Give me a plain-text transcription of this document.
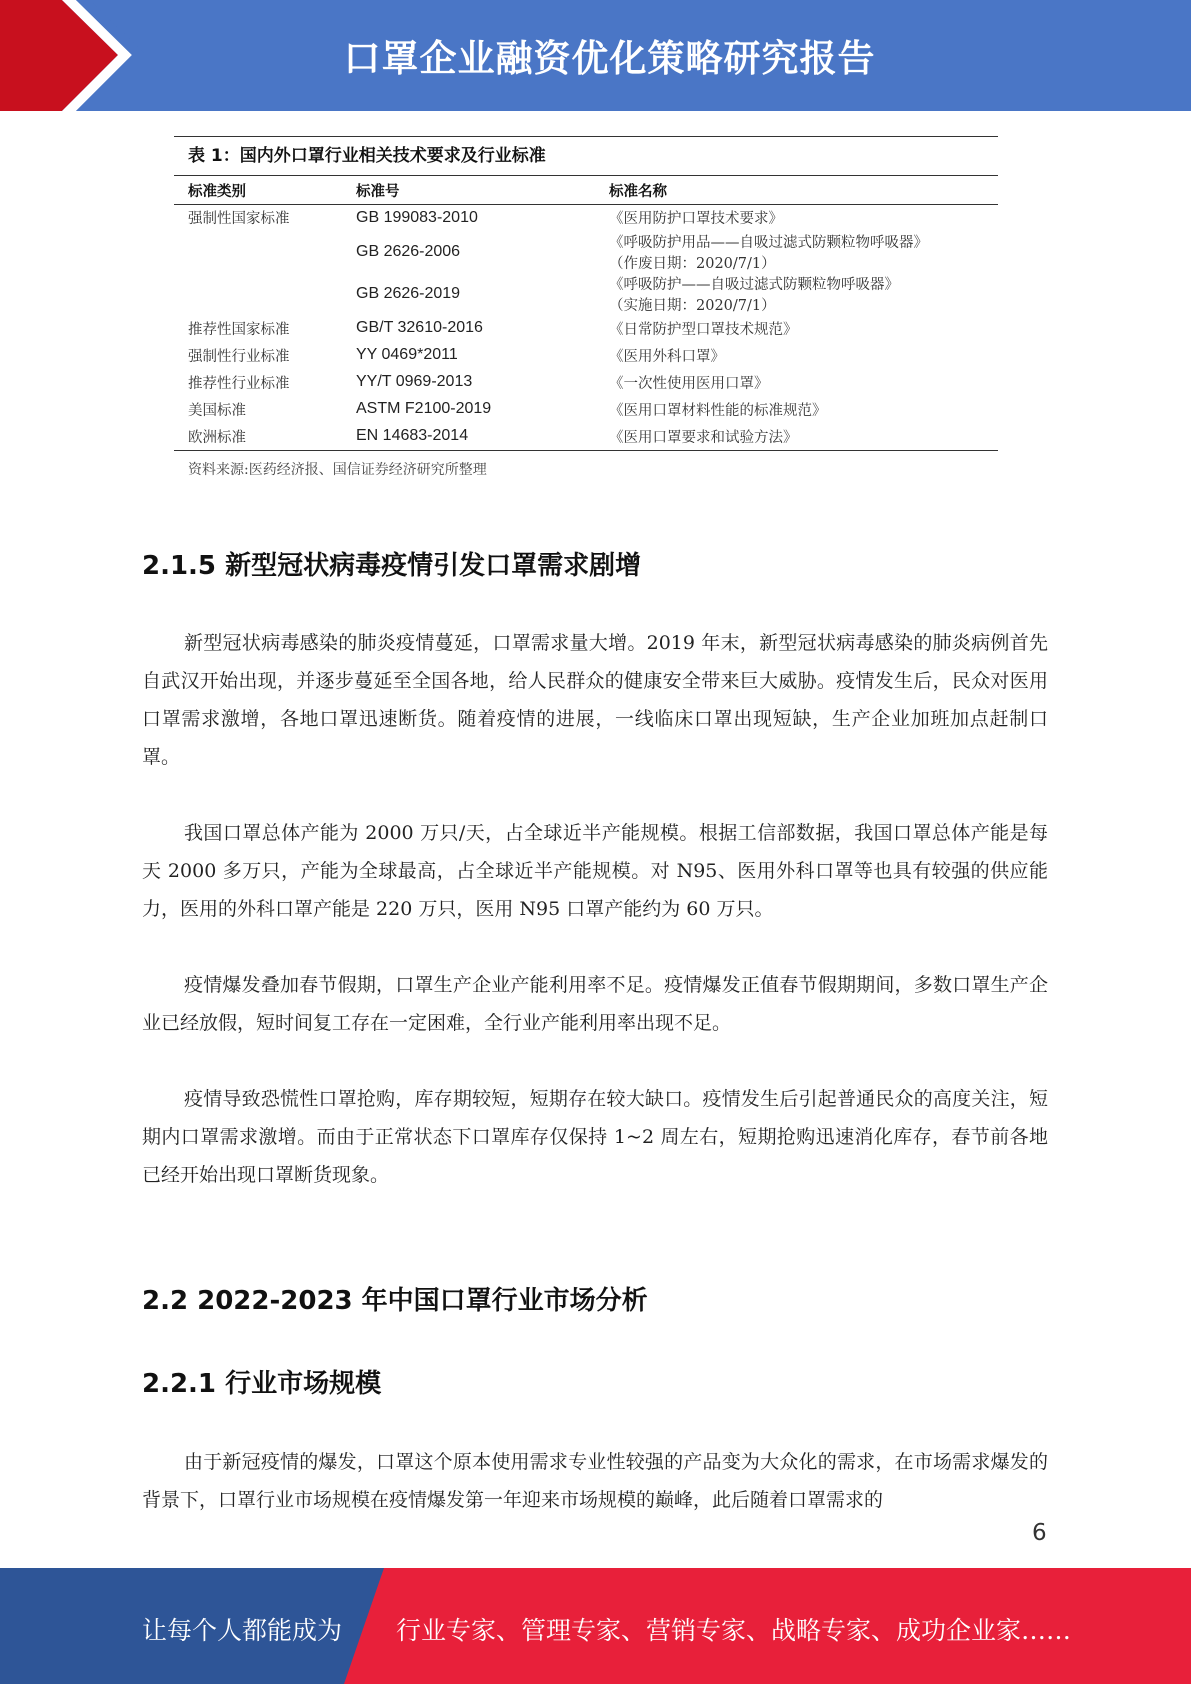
口罩企业融资优化策略研究报告
表 1：国内外口罩行业相关技术要求及行业标准
标准类别	标准号	标准名称
强制性国家标准	GB 199083-2010	《医用防护口罩技术要求》
	GB 2626-2006	《呼吸防护用品——自吸过滤式防颗粒物呼吸器》
（作废日期：2020/7/1）

	GB 2626-2019	《呼吸防护——自吸过滤式防颗粒物呼吸器》
（实施日期：2020/7/1）

推荐性国家标准	GB/T 32610-2016	《日常防护型口罩技术规范》
强制性行业标准	YY 0469*2011	《医用外科口罩》
推荐性行业标准	YY/T 0969-2013	《一次性使用医用口罩》
美国标准	ASTM F2100-2019	《医用口罩材料性能的标准规范》
欧洲标准	EN 14683-2014	《医用口罩要求和试验方法》
资料来源:医药经济报、国信证券经济研究所整理
2.1.5 新型冠状病毒疫情引发口罩需求剧增

新型冠状病毒感染的肺炎疫情蔓延，口罩需求量大增。2019 年末，新型冠状病毒感染的肺炎病例首先自武汉开始出现，并逐步蔓延至全国各地，给人民群众的健康安全带来巨大威胁。疫情发生后，民众对医用口罩需求激增，各地口罩迅速断货。随着疫情的进展，一线临床口罩出现短缺，生产企业加班加点赶制口罩。

我国口罩总体产能为 2000 万只/天，占全球近半产能规模。根据工信部数据，我国口罩总体产能是每天 2000 多万只，产能为全球最高，占全球近半产能规模。对 N95、医用外科口罩等也具有较强的供应能力，医用的外科口罩产能是 220 万只，医用 N95 口罩产能约为 60 万只。

疫情爆发叠加春节假期，口罩生产企业产能利用率不足。疫情爆发正值春节假期期间，多数口罩生产企业已经放假，短时间复工存在一定困难，全行业产能利用率出现不足。

疫情导致恐慌性口罩抢购，库存期较短，短期存在较大缺口。疫情发生后引起普通民众的高度关注，短期内口罩需求激增。而由于正常状态下口罩库存仅保持 1~2 周左右，短期抢购迅速消化库存，春节前各地已经开始出现口罩断货现象。

2.2 2022-2023 年中国口罩行业市场分析
2.2.1 行业市场规模

由于新冠疫情的爆发，口罩这个原本使用需求专业性较强的产品变为大众化的需求，在市场需求爆发的背景下，口罩行业市场规模在疫情爆发第一年迎来市场规模的巅峰，此后随着口罩需求的

6
让每个人都能成为 行业专家、管理专家、营销专家、战略专家、成功企业家……
